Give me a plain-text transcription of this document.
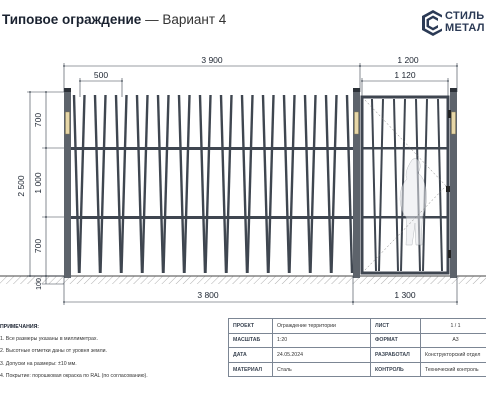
Типовое ограждение — Вариант 4	СТИЛЬ
МЕТАЛ
3 900	1 200
1 120
500
3 800	1 300
2 500
700
1 000
700
100
ПРИМЕЧАНИЯ:
1. Все размеры указаны в миллиметрах.
2. Высотные отметки даны от уровня земли.
3. Допуски на размеры: ±10 мм.
4. Покрытие: порошковая окраска по RAL (по согласованию).
ПРОЕКТ	Ограждение территории	ЛИСТ	1 / 1
МАСШТАБ	1:20	ФОРМАТ	А3
ДАТА	24.05.2024	РАЗРАБОТАЛ	Конструкторский отдел
МАТЕРИАЛ	Сталь	КОНТРОЛЬ	Технический контроль
